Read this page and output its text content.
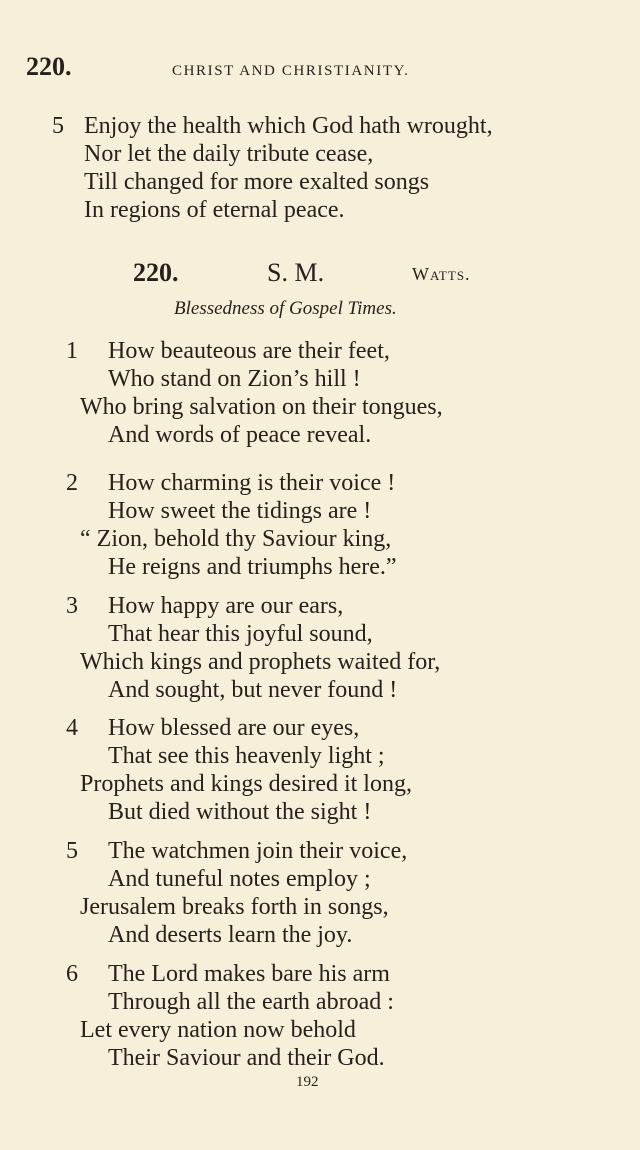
220.	CHRIST AND CHRISTIANITY.
5 Enjoy the health which God hath wrought,
Nor let the daily tribute cease,
Till changed for more exalted songs
In regions of eternal peace.
220.	S. M.	Watts.
Blessedness of Gospel Times.
1 How beauteous are their feet,
Who stand on Zion’s hill !
Who bring salvation on their tongues,
And words of peace reveal.
2 How charming is their voice !
How sweet the tidings are !
“ Zion, behold thy Saviour king,
He reigns and triumphs here.”
3 How happy are our ears,
That hear this joyful sound,
Which kings and prophets waited for,
And sought, but never found !
4 How blessed are our eyes,
That see this heavenly light ;
Prophets and kings desired it long,
But died without the sight !
5 The watchmen join their voice,
And tuneful notes employ ;
Jerusalem breaks forth in songs,
And deserts learn the joy.
6 The Lord makes bare his arm
Through all the earth abroad :
Let every nation now behold
Their Saviour and their God.
192
